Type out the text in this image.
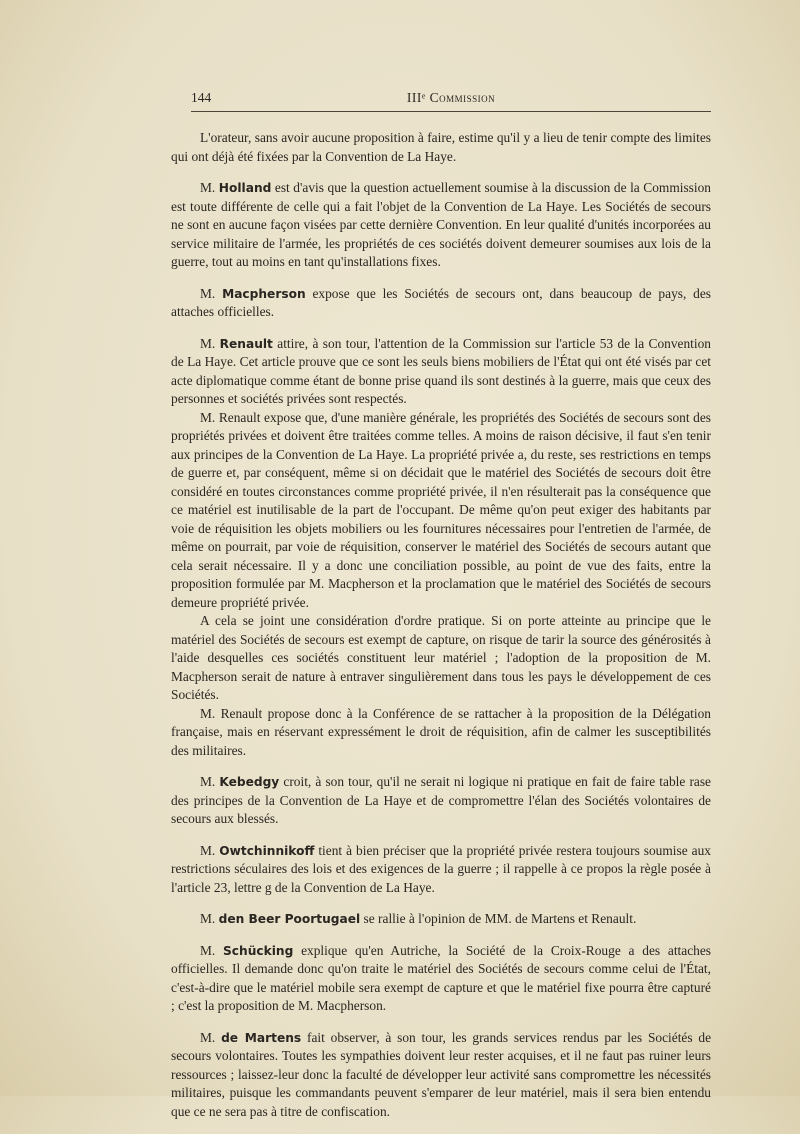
144	IIIᵉ Commission

L'orateur, sans avoir aucune proposition à faire, estime qu'il y a lieu de tenir compte des limites qui ont déjà été fixées par la Convention de La Haye.

M. Holland est d'avis que la question actuellement soumise à la discussion de la Commission est toute différente de celle qui a fait l'objet de la Convention de La Haye. Les Sociétés de secours ne sont en aucune façon visées par cette dernière Convention. En leur qualité d'unités incorporées au service militaire de l'armée, les propriétés de ces sociétés doivent demeurer soumises aux lois de la guerre, tout au moins en tant qu'installations fixes.

M. Macpherson expose que les Sociétés de secours ont, dans beaucoup de pays, des attaches officielles.

M. Renault attire, à son tour, l'attention de la Commission sur l'article 53 de la Convention de La Haye. Cet article prouve que ce sont les seuls biens mobiliers de l'État qui ont été visés par cet acte diplomatique comme étant de bonne prise quand ils sont destinés à la guerre, mais que ceux des personnes et sociétés privées sont respectés.

M. Renault expose que, d'une manière générale, les propriétés des Sociétés de secours sont des propriétés privées et doivent être traitées comme telles. A moins de raison décisive, il faut s'en tenir aux principes de la Convention de La Haye. La propriété privée a, du reste, ses restrictions en temps de guerre et, par conséquent, même si on décidait que le matériel des Sociétés de secours doit être considéré en toutes circonstances comme propriété privée, il n'en résulterait pas la conséquence que ce matériel est inutilisable de la part de l'occupant. De même qu'on peut exiger des habitants par voie de réquisition les objets mobiliers ou les fournitures nécessaires pour l'entretien de l'armée, de même on pourrait, par voie de réquisition, conserver le matériel des Sociétés de secours autant que cela serait nécessaire. Il y a donc une conciliation possible, au point de vue des faits, entre la proposition formulée par M. Macpherson et la proclamation que le matériel des Sociétés de secours demeure propriété privée.

A cela se joint une considération d'ordre pratique. Si on porte atteinte au principe que le matériel des Sociétés de secours est exempt de capture, on risque de tarir la source des générosités à l'aide desquelles ces sociétés constituent leur matériel ; l'adoption de la proposition de M. Macpherson serait de nature à entraver singulièrement dans tous les pays le développement de ces Sociétés.

M. Renault propose donc à la Conférence de se rattacher à la proposition de la Délégation française, mais en réservant expressément le droit de réquisition, afin de calmer les susceptibilités des militaires.

M. Kebedgy croit, à son tour, qu'il ne serait ni logique ni pratique en fait de faire table rase des principes de la Convention de La Haye et de compromettre l'élan des Sociétés volontaires de secours aux blessés.

M. Owtchinnikoff tient à bien préciser que la propriété privée restera toujours soumise aux restrictions séculaires des lois et des exigences de la guerre ; il rappelle à ce propos la règle posée à l'article 23, lettre g de la Convention de La Haye.

M. den Beer Poortugael se rallie à l'opinion de MM. de Martens et Renault.

M. Schücking explique qu'en Autriche, la Société de la Croix-Rouge a des attaches officielles. Il demande donc qu'on traite le matériel des Sociétés de secours comme celui de l'État, c'est-à-dire que le matériel mobile sera exempt de capture et que le matériel fixe pourra être capturé ; c'est la proposition de M. Macpherson.

M. de Martens fait observer, à son tour, les grands services rendus par les Sociétés de secours volontaires. Toutes les sympathies doivent leur rester acquises, et il ne faut pas ruiner leurs ressources ; laissez-leur donc la faculté de développer leur activité sans compromettre les nécessités militaires, puisque les commandants peuvent s'emparer de leur matériel, mais il sera bien entendu que ce ne sera pas à titre de confiscation.
